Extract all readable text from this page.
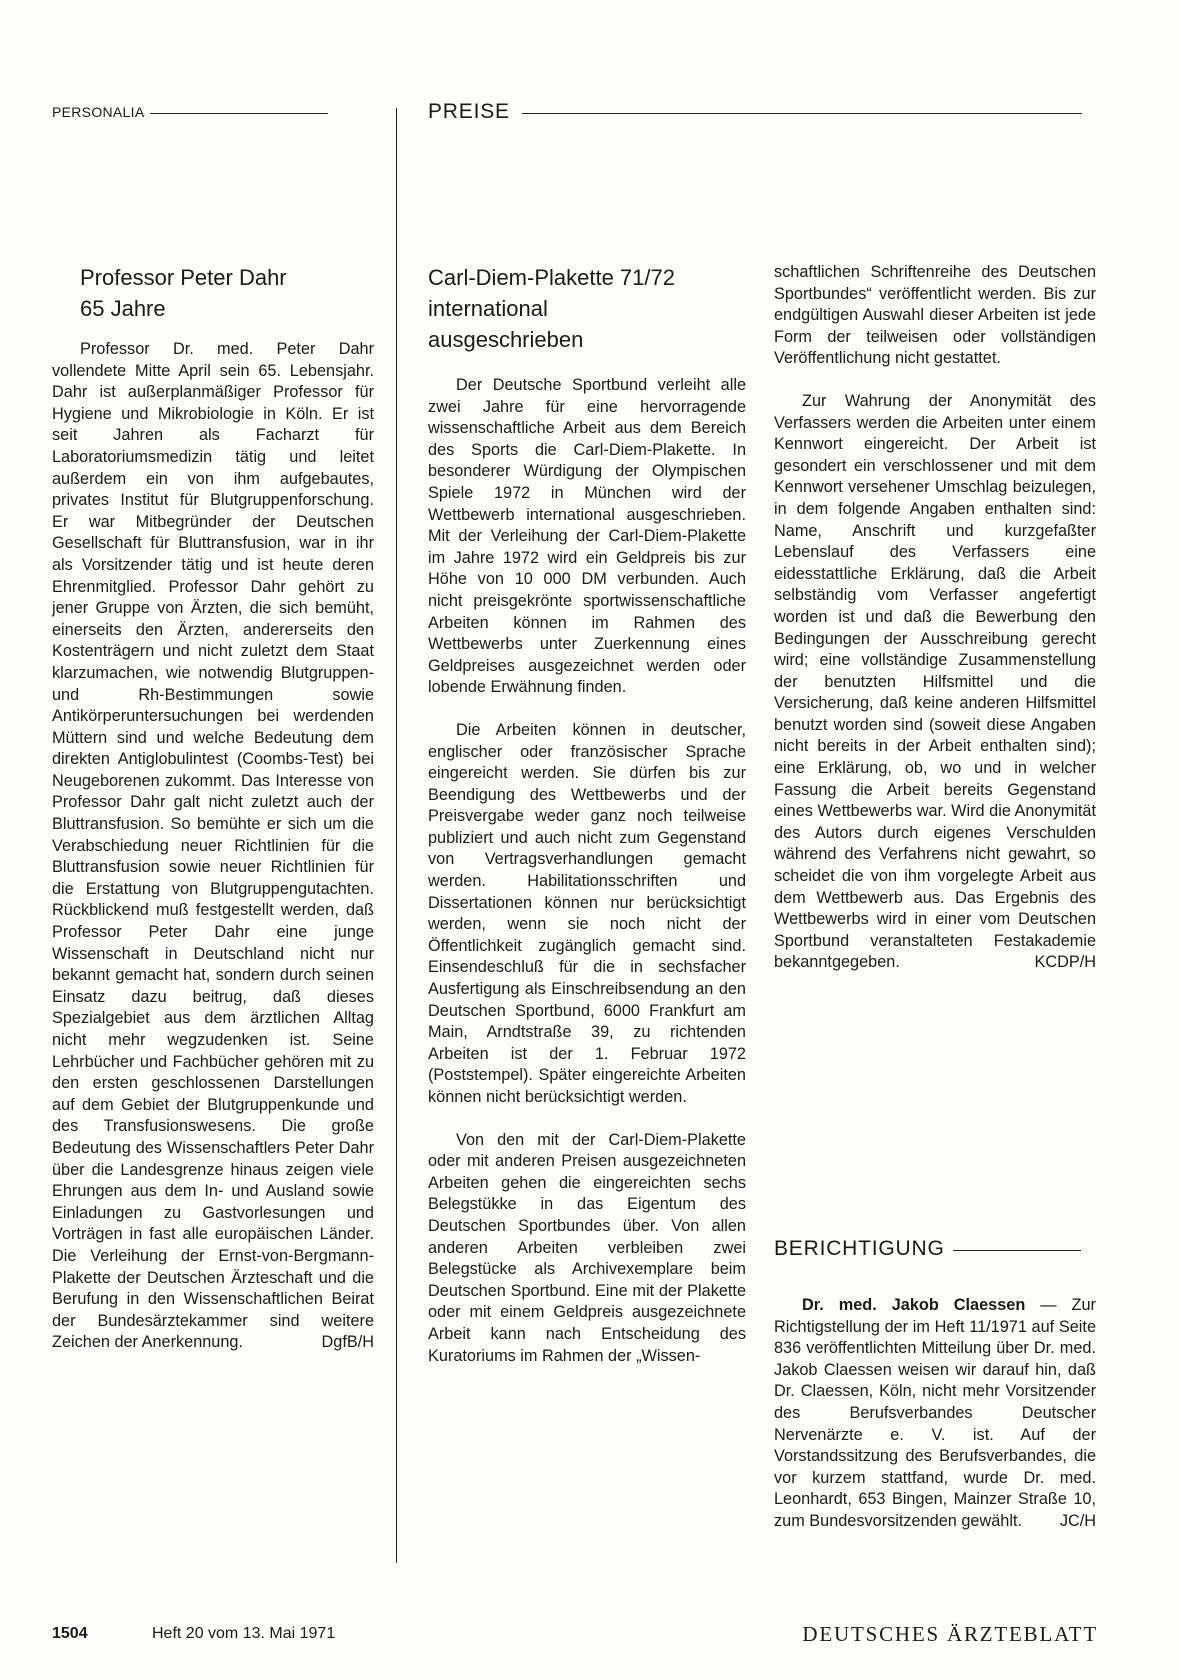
PERSONALIA	PREISE
Professor Peter Dahr
65 Jahre

Professor Dr. med. Peter Dahr vollendete Mitte April sein 65. Lebensjahr. Dahr ist außerplanmäßiger Professor für Hygiene und Mikrobiologie in Köln. Er ist seit Jahren als Facharzt für Laboratoriumsmedizin tätig und leitet außerdem ein von ihm aufgebautes, privates Institut für Blutgruppenforschung. Er war Mitbegründer der Deutschen Gesellschaft für Bluttransfusion, war in ihr als Vorsitzender tätig und ist heute deren Ehrenmitglied. Professor Dahr gehört zu jener Gruppe von Ärzten, die sich bemüht, einerseits den Ärzten, andererseits den Kostenträgern und nicht zuletzt dem Staat klarzumachen, wie notwendig Blutgruppen- und Rh-Bestimmungen sowie Antikörperuntersuchungen bei werdenden Müttern sind und welche Bedeutung dem direkten Antiglobulintest (Coombs-Test) bei Neugeborenen zukommt. Das Interesse von Professor Dahr galt nicht zuletzt auch der Bluttransfusion. So bemühte er sich um die Verabschiedung neuer Richtlinien für die Bluttransfusion sowie neuer Richtlinien für die Erstattung von Blutgruppengutachten. Rückblickend muß festgestellt werden, daß Professor Peter Dahr eine junge Wissenschaft in Deutschland nicht nur bekannt gemacht hat, sondern durch seinen Einsatz dazu beitrug, daß dieses Spezialgebiet aus dem ärztlichen Alltag nicht mehr wegzudenken ist. Seine Lehrbücher und Fachbücher gehören mit zu den ersten geschlossenen Darstellungen auf dem Gebiet der Blutgruppenkunde und des Transfusionswesens. Die große Bedeutung des Wissenschaftlers Peter Dahr über die Landesgrenze hinaus zeigen viele Ehrungen aus dem In- und Ausland sowie Einladungen zu Gastvorlesungen und Vorträgen in fast alle europäischen Länder. Die Verleihung der Ernst-von-Bergmann-Plakette der Deutschen Ärzteschaft und die Berufung in den Wissenschaftlichen Beirat der Bundesärztekammer sind weitere Zeichen der Anerkennung.	DgfB/H

Carl-Diem-Plakette 71/72
international
ausgeschrieben

Der Deutsche Sportbund verleiht alle zwei Jahre für eine hervorragende wissenschaftliche Arbeit aus dem Bereich des Sports die Carl-Diem-Plakette. In besonderer Würdigung der Olympischen Spiele 1972 in München wird der Wettbewerb international ausgeschrieben. Mit der Verleihung der Carl-Diem-Plakette im Jahre 1972 wird ein Geldpreis bis zur Höhe von 10 000 DM verbunden. Auch nicht preisgekrönte sportwissenschaftliche Arbeiten können im Rahmen des Wettbewerbs unter Zuerkennung eines Geldpreises ausgezeichnet werden oder lobende Erwähnung finden.

Die Arbeiten können in deutscher, englischer oder französischer Sprache eingereicht werden. Sie dürfen bis zur Beendigung des Wettbewerbs und der Preisvergabe weder ganz noch teilweise publiziert und auch nicht zum Gegenstand von Vertragsverhandlungen gemacht werden. Habilitationsschriften und Dissertationen können nur berücksichtigt werden, wenn sie noch nicht der Öffentlichkeit zugänglich gemacht sind. Einsendeschluß für die in sechsfacher Ausfertigung als Einschreibsendung an den Deutschen Sportbund, 6000 Frankfurt am Main, Arndtstraße 39, zu richtenden Arbeiten ist der 1. Februar 1972 (Poststempel). Später eingereichte Arbeiten können nicht berücksichtigt werden.

Von den mit der Carl-Diem-Plakette oder mit anderen Preisen ausgezeichneten Arbeiten gehen die eingereichten sechs Belegstükke in das Eigentum des Deutschen Sportbundes über. Von allen anderen Arbeiten verbleiben zwei Belegstücke als Archivexemplare beim Deutschen Sportbund. Eine mit der Plakette oder mit einem Geldpreis ausgezeichnete Arbeit kann nach Entscheidung des Kuratoriums im Rahmen der „Wissen-

schaftlichen Schriftenreihe des Deutschen Sportbundes“ veröffentlicht werden. Bis zur endgültigen Auswahl dieser Arbeiten ist jede Form der teilweisen oder vollständigen Veröffentlichung nicht gestattet.

Zur Wahrung der Anonymität des Verfassers werden die Arbeiten unter einem Kennwort eingereicht. Der Arbeit ist gesondert ein verschlossener und mit dem Kennwort versehener Umschlag beizulegen, in dem folgende Angaben enthalten sind: Name, Anschrift und kurzgefaßter Lebenslauf des Verfassers eine eidesstattliche Erklärung, daß die Arbeit selbständig vom Verfasser angefertigt worden ist und daß die Bewerbung den Bedingungen der Ausschreibung gerecht wird; eine vollständige Zusammenstellung der benutzten Hilfsmittel und die Versicherung, daß keine anderen Hilfsmittel benutzt worden sind (soweit diese Angaben nicht bereits in der Arbeit enthalten sind); eine Erklärung, ob, wo und in welcher Fassung die Arbeit bereits Gegenstand eines Wettbewerbs war. Wird die Anonymität des Autors durch eigenes Verschulden während des Verfahrens nicht gewahrt, so scheidet die von ihm vorgelegte Arbeit aus dem Wettbewerb aus. Das Ergebnis des Wettbewerbs wird in einer vom Deutschen Sportbund veranstalteten Festakademie bekanntgegeben.	KCDP/H

BERICHTIGUNG

Dr. med. Jakob Claessen — Zur Richtigstellung der im Heft 11/1971 auf Seite 836 veröffentlichten Mitteilung über Dr. med. Jakob Claessen weisen wir darauf hin, daß Dr. Claessen, Köln, nicht mehr Vorsitzender des Berufsverbandes Deutscher Nervenärzte e. V. ist. Auf der Vorstandssitzung des Berufsverbandes, die vor kurzem stattfand, wurde Dr. med. Leonhardt, 653 Bingen, Mainzer Straße 10, zum Bundesvorsitzenden gewählt. JC/H

1504	Heft 20 vom 13. Mai 1971	DEUTSCHES ÄRZTEBLATT
